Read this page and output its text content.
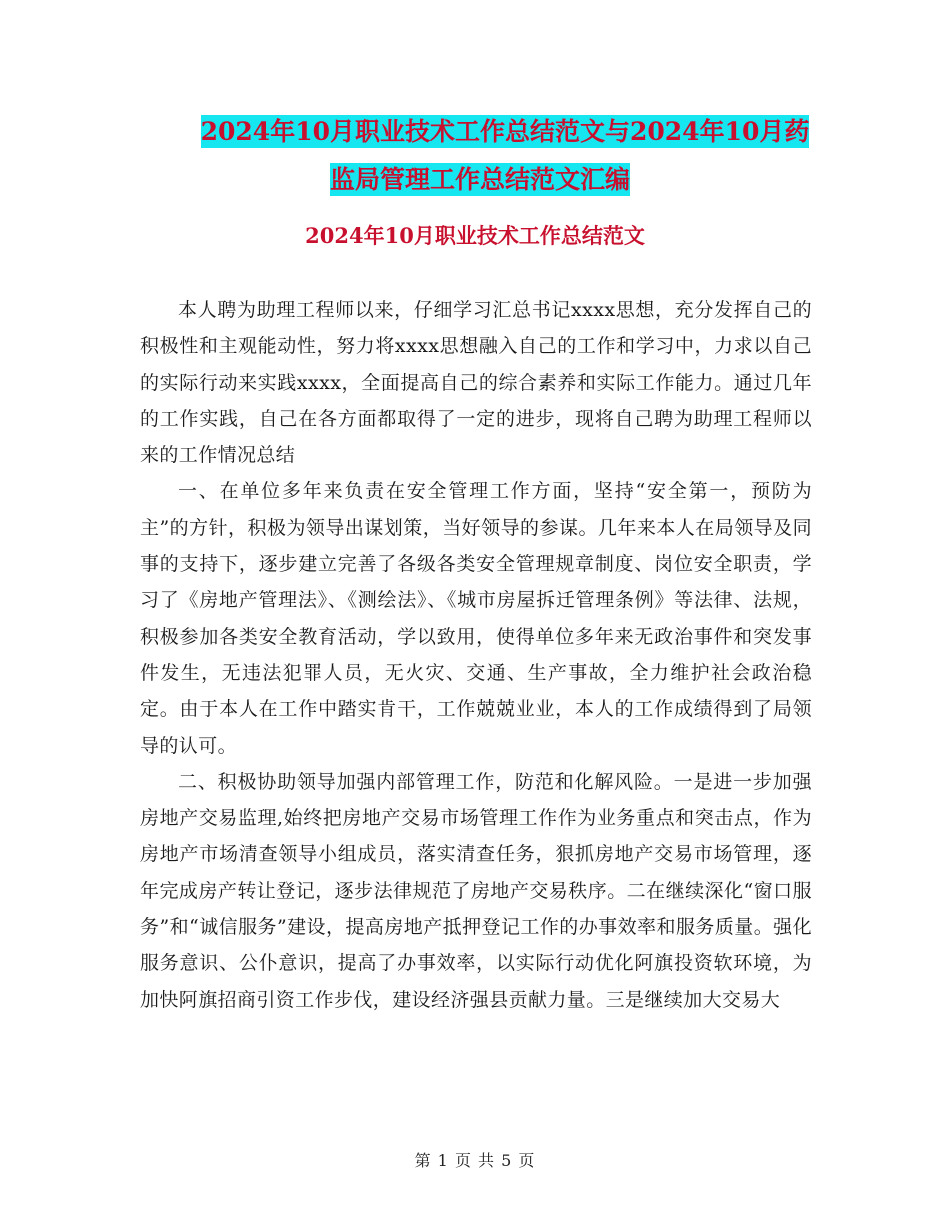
2024年10月职业技术工作总结范文与2024年10月药
监局管理工作总结范文汇编
2024年10月职业技术工作总结范文

本人聘为助理工程师以来，仔细学习汇总书记xxxx思想，充分发挥自己的积极性和主观能动性，努力将xxxx思想融入自己的工作和学习中，力求以自己的实际行动来实践xxxx，全面提高自己的综合素养和实际工作能力。通过几年的工作实践，自己在各方面都取得了一定的进步，现将自己聘为助理工程师以来的工作情况总结

一、在单位多年来负责在安全管理工作方面，坚持“安全第一，预防为主”的方针，积极为领导出谋划策，当好领导的参谋。几年来本人在局领导及同事的支持下，逐步建立完善了各级各类安全管理规章制度、岗位安全职责，学习了《房地产管理法》、《测绘法》、《城市房屋拆迁管理条例》等法律、法规，积极参加各类安全教育活动，学以致用，使得单位多年来无政治事件和突发事件发生，无违法犯罪人员，无火灾、交通、生产事故，全力维护社会政治稳定。由于本人在工作中踏实肯干，工作兢兢业业，本人的工作成绩得到了局领导的认可。

二、积极协助领导加强内部管理工作，防范和化解风险。一是进一步加强房地产交易监理,始终把房地产交易市场管理工作作为业务重点和突击点，作为房地产市场清查领导小组成员，落实清查任务，狠抓房地产交易市场管理，逐年完成房产转让登记，逐步法律规范了房地产交易秩序。二在继续深化“窗口服务”和“诚信服务”建设，提高房地产抵押登记工作的办事效率和服务质量。强化服务意识、公仆意识，提高了办事效率，以实际行动优化阿旗投资软环境，为加快阿旗招商引资工作步伐，建设经济强县贡献力量。三是继续加大交易大

第 1 页 共 5 页
